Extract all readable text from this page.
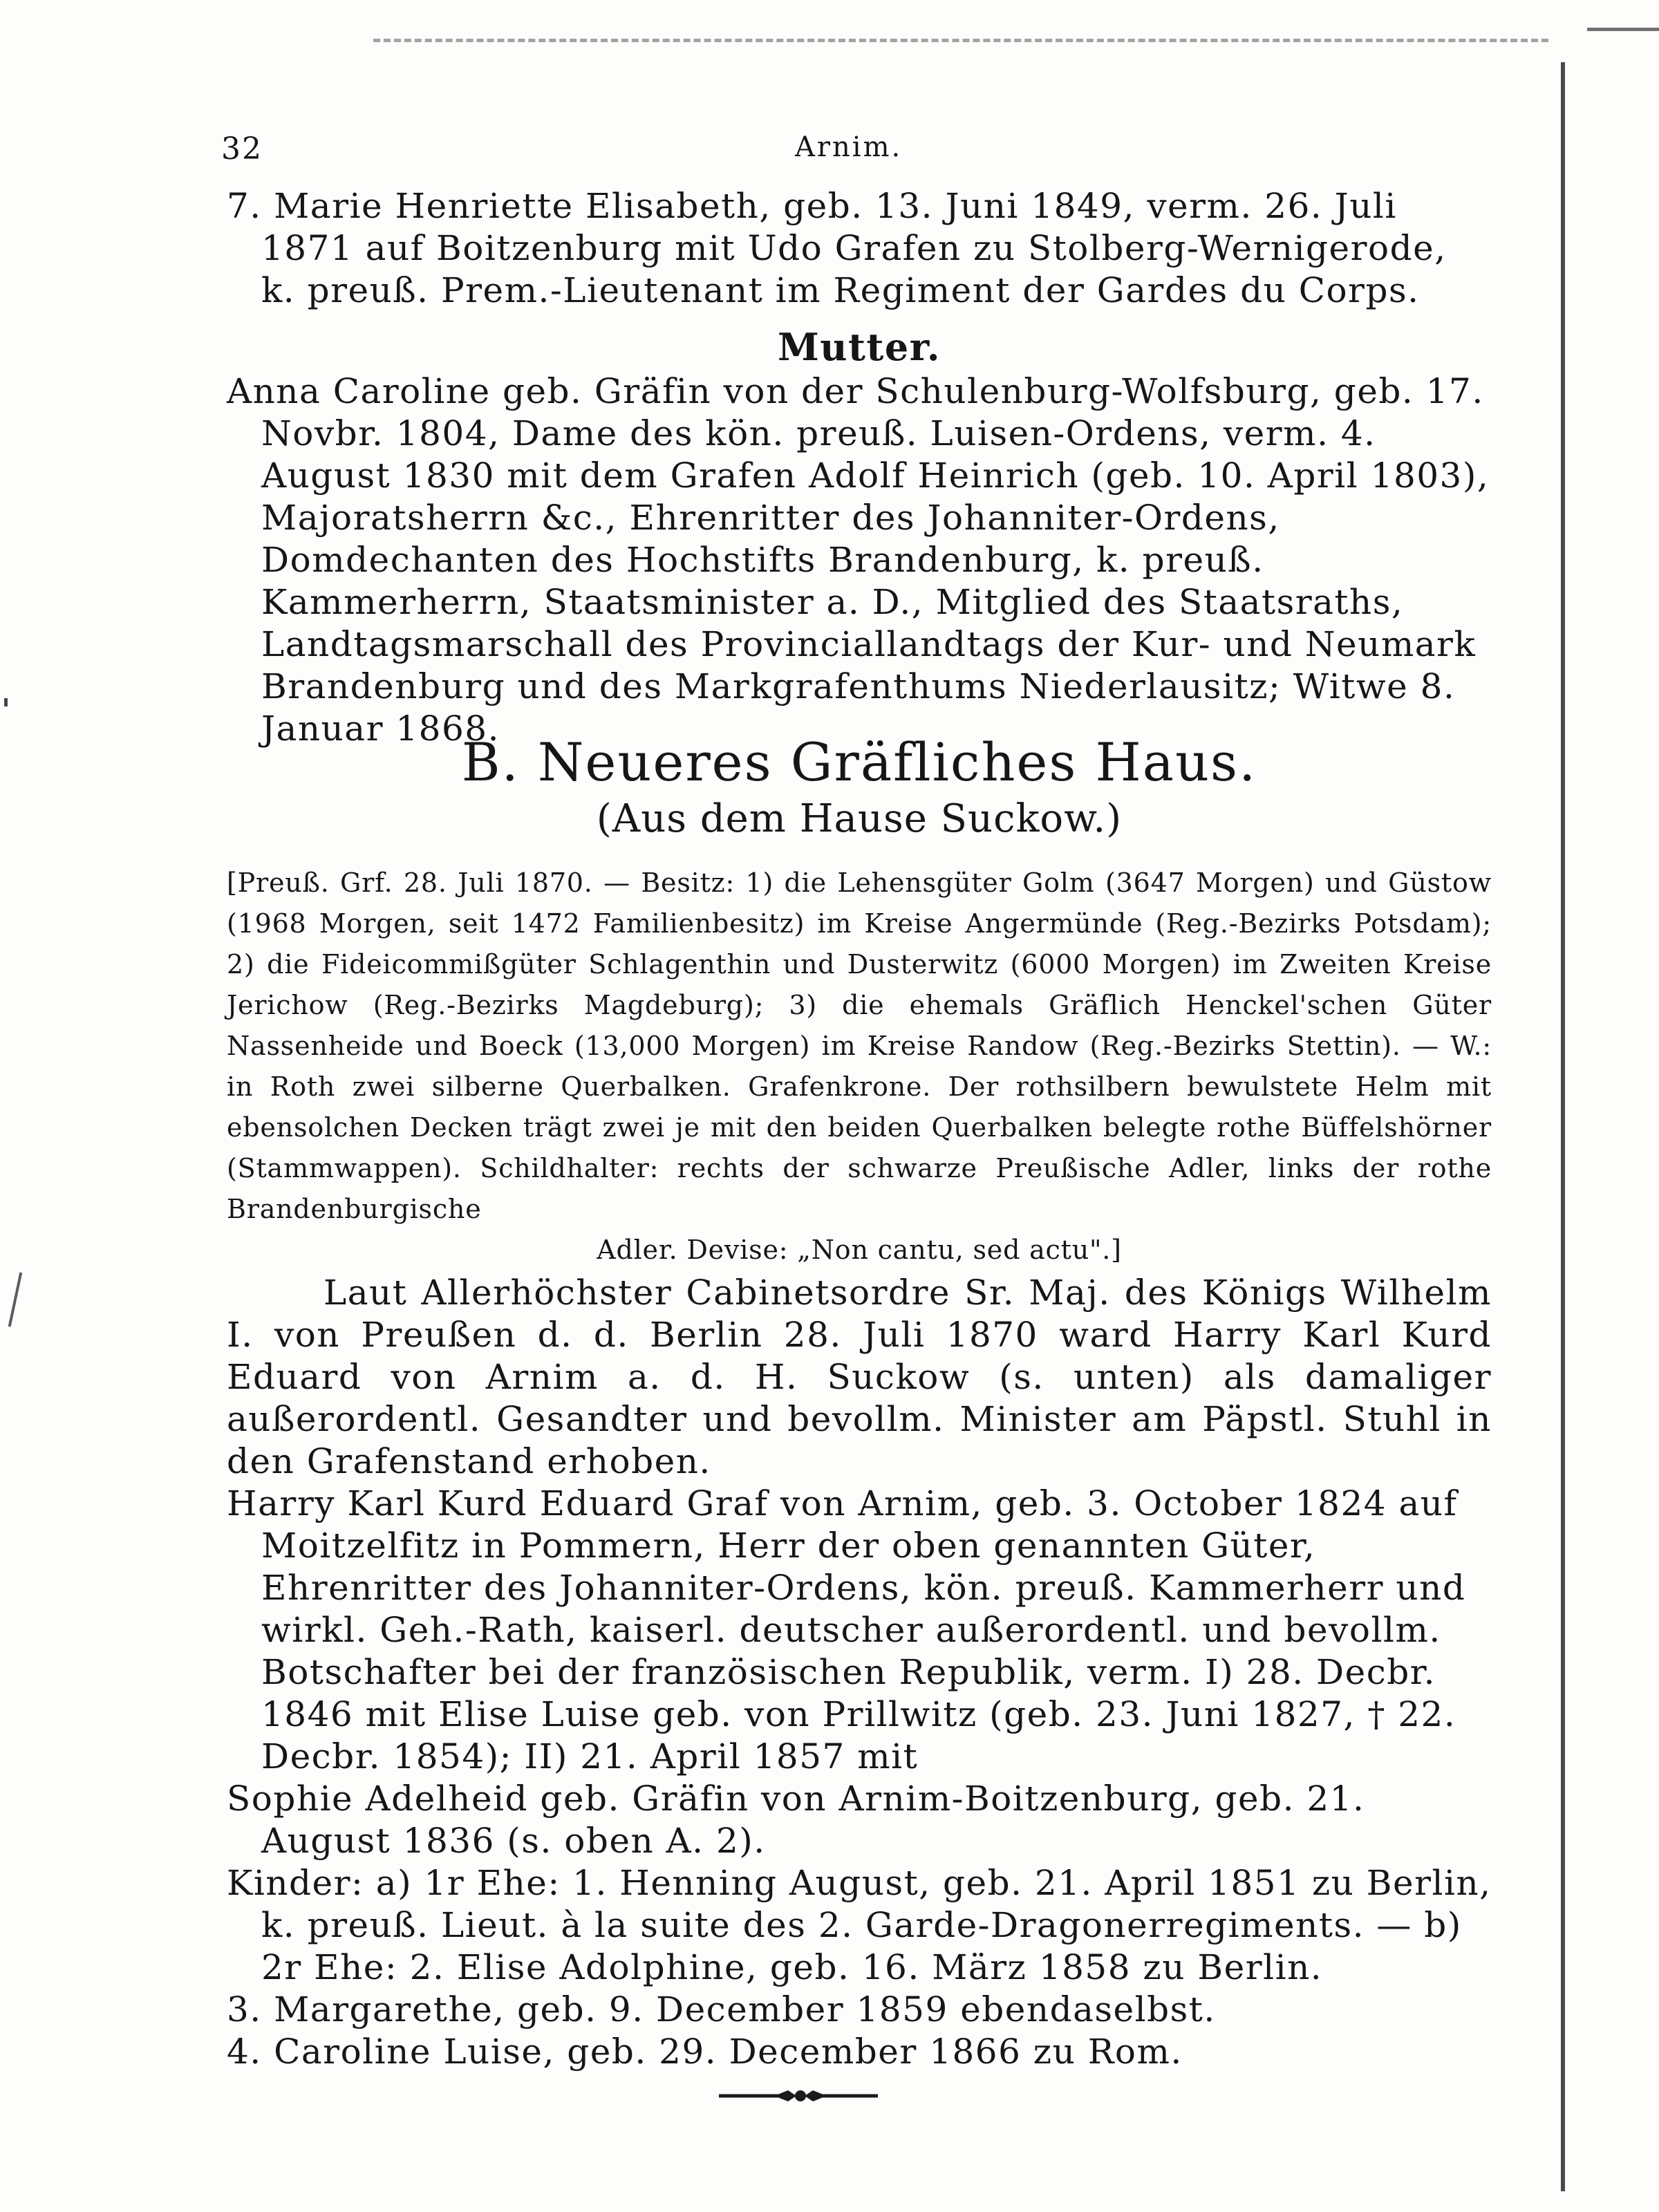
32	Arnim.

7. Marie Henriette Elisabeth, geb. 13. Juni 1849, verm. 26. Juli 1871 auf Boitzenburg mit Udo Grafen zu Stolberg-Wernigerode, k. preuß. Prem.-Lieutenant im Regiment der Gardes du Corps.

Mutter.

Anna Caroline geb. Gräfin von der Schulenburg-Wolfsburg, geb. 17. Novbr. 1804, Dame des kön. preuß. Luisen-Ordens, verm. 4. August 1830 mit dem Grafen Adolf Heinrich (geb. 10. April 1803), Majoratsherrn &c., Ehrenritter des Johanniter-Ordens, Domdechanten des Hochstifts Brandenburg, k. preuß. Kammerherrn, Staatsminister a. D., Mitglied des Staatsraths, Landtagsmarschall des Provinciallandtags der Kur- und Neumark Brandenburg und des Markgrafenthums Niederlausitz; Witwe 8. Januar 1868.

B. Neueres Gräfliches Haus.
(Aus dem Hause Suckow.)

[Preuß. Grf. 28. Juli 1870. — Besitz: 1) die Lehensgüter Golm (3647 Morgen) und Güstow (1968 Morgen, seit 1472 Familienbesitz) im Kreise Angermünde (Reg.-Bezirks Potsdam); 2) die Fideicommißgüter Schlagenthin und Dusterwitz (6000 Morgen) im Zweiten Kreise Jerichow (Reg.-Bezirks Magdeburg); 3) die ehemals Gräflich Henckel'schen Güter Nassenheide und Boeck (13,000 Morgen) im Kreise Randow (Reg.-Bezirks Stettin). — W.: in Roth zwei silberne Querbalken. Grafenkrone. Der rothsilbern bewulstete Helm mit ebensolchen Decken trägt zwei je mit den beiden Querbalken belegte rothe Büffelshörner (Stammwappen). Schildhalter: rechts der schwarze Preußische Adler, links der rothe Brandenburgische

Adler. Devise: „Non cantu, sed actu".]

Laut Allerhöchster Cabinetsordre Sr. Maj. des Königs Wilhelm I. von Preußen d. d. Berlin 28. Juli 1870 ward Harry Karl Kurd Eduard von Arnim a. d. H. Suckow (s. unten) als damaliger außerordentl. Gesandter und bevollm. Minister am Päpstl. Stuhl in den Grafenstand erhoben.

Harry Karl Kurd Eduard Graf von Arnim, geb. 3. October 1824 auf Moitzelfitz in Pommern, Herr der oben genannten Güter, Ehrenritter des Johanniter-Ordens, kön. preuß. Kammerherr und wirkl. Geh.-Rath, kaiserl. deutscher außerordentl. und bevollm. Botschafter bei der französischen Republik, verm. I) 28. Decbr. 1846 mit Elise Luise geb. von Prillwitz (geb. 23. Juni 1827, † 22. Decbr. 1854); II) 21. April 1857 mit

Sophie Adelheid geb. Gräfin von Arnim-Boitzenburg, geb. 21. August 1836 (s. oben A. 2).

Kinder: a) 1r Ehe: 1. Henning August, geb. 21. April 1851 zu Berlin, k. preuß. Lieut. à la suite des 2. Garde-Dragonerregiments. — b) 2r Ehe: 2. Elise Adolphine, geb. 16. März 1858 zu Berlin.

3. Margarethe, geb. 9. December 1859 ebendaselbst.

4. Caroline Luise, geb. 29. December 1866 zu Rom.
